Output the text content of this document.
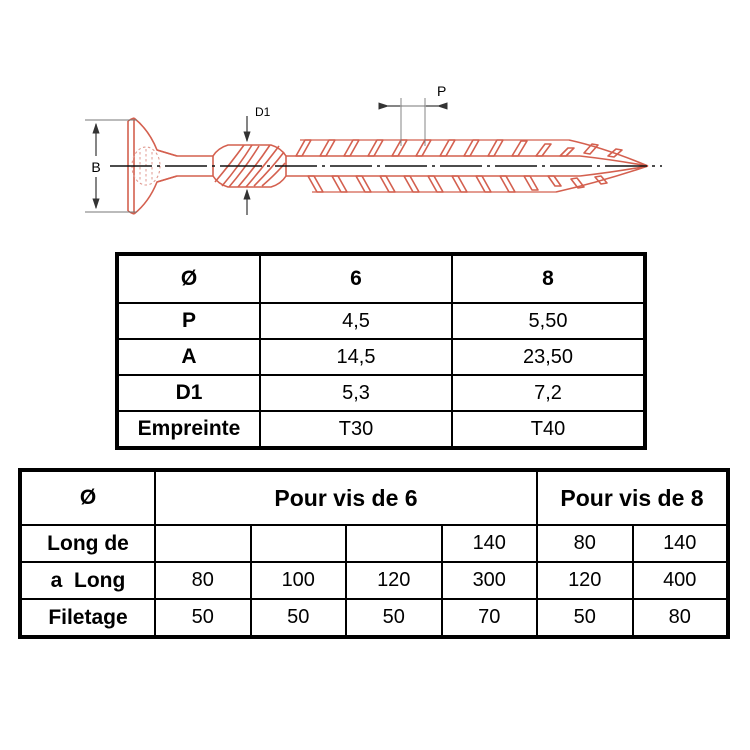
B
D1
P
Ø	6	8
P	4,5	5,50
A	14,5	23,50
D1	5,3	7,2
Empreinte	T30	T40
Ø	Pour vis de 6				Pour vis de 8	
Long de				140	80	140
a  Long	80	100	120	300	120	400
Filetage	50	50	50	70	50	80
